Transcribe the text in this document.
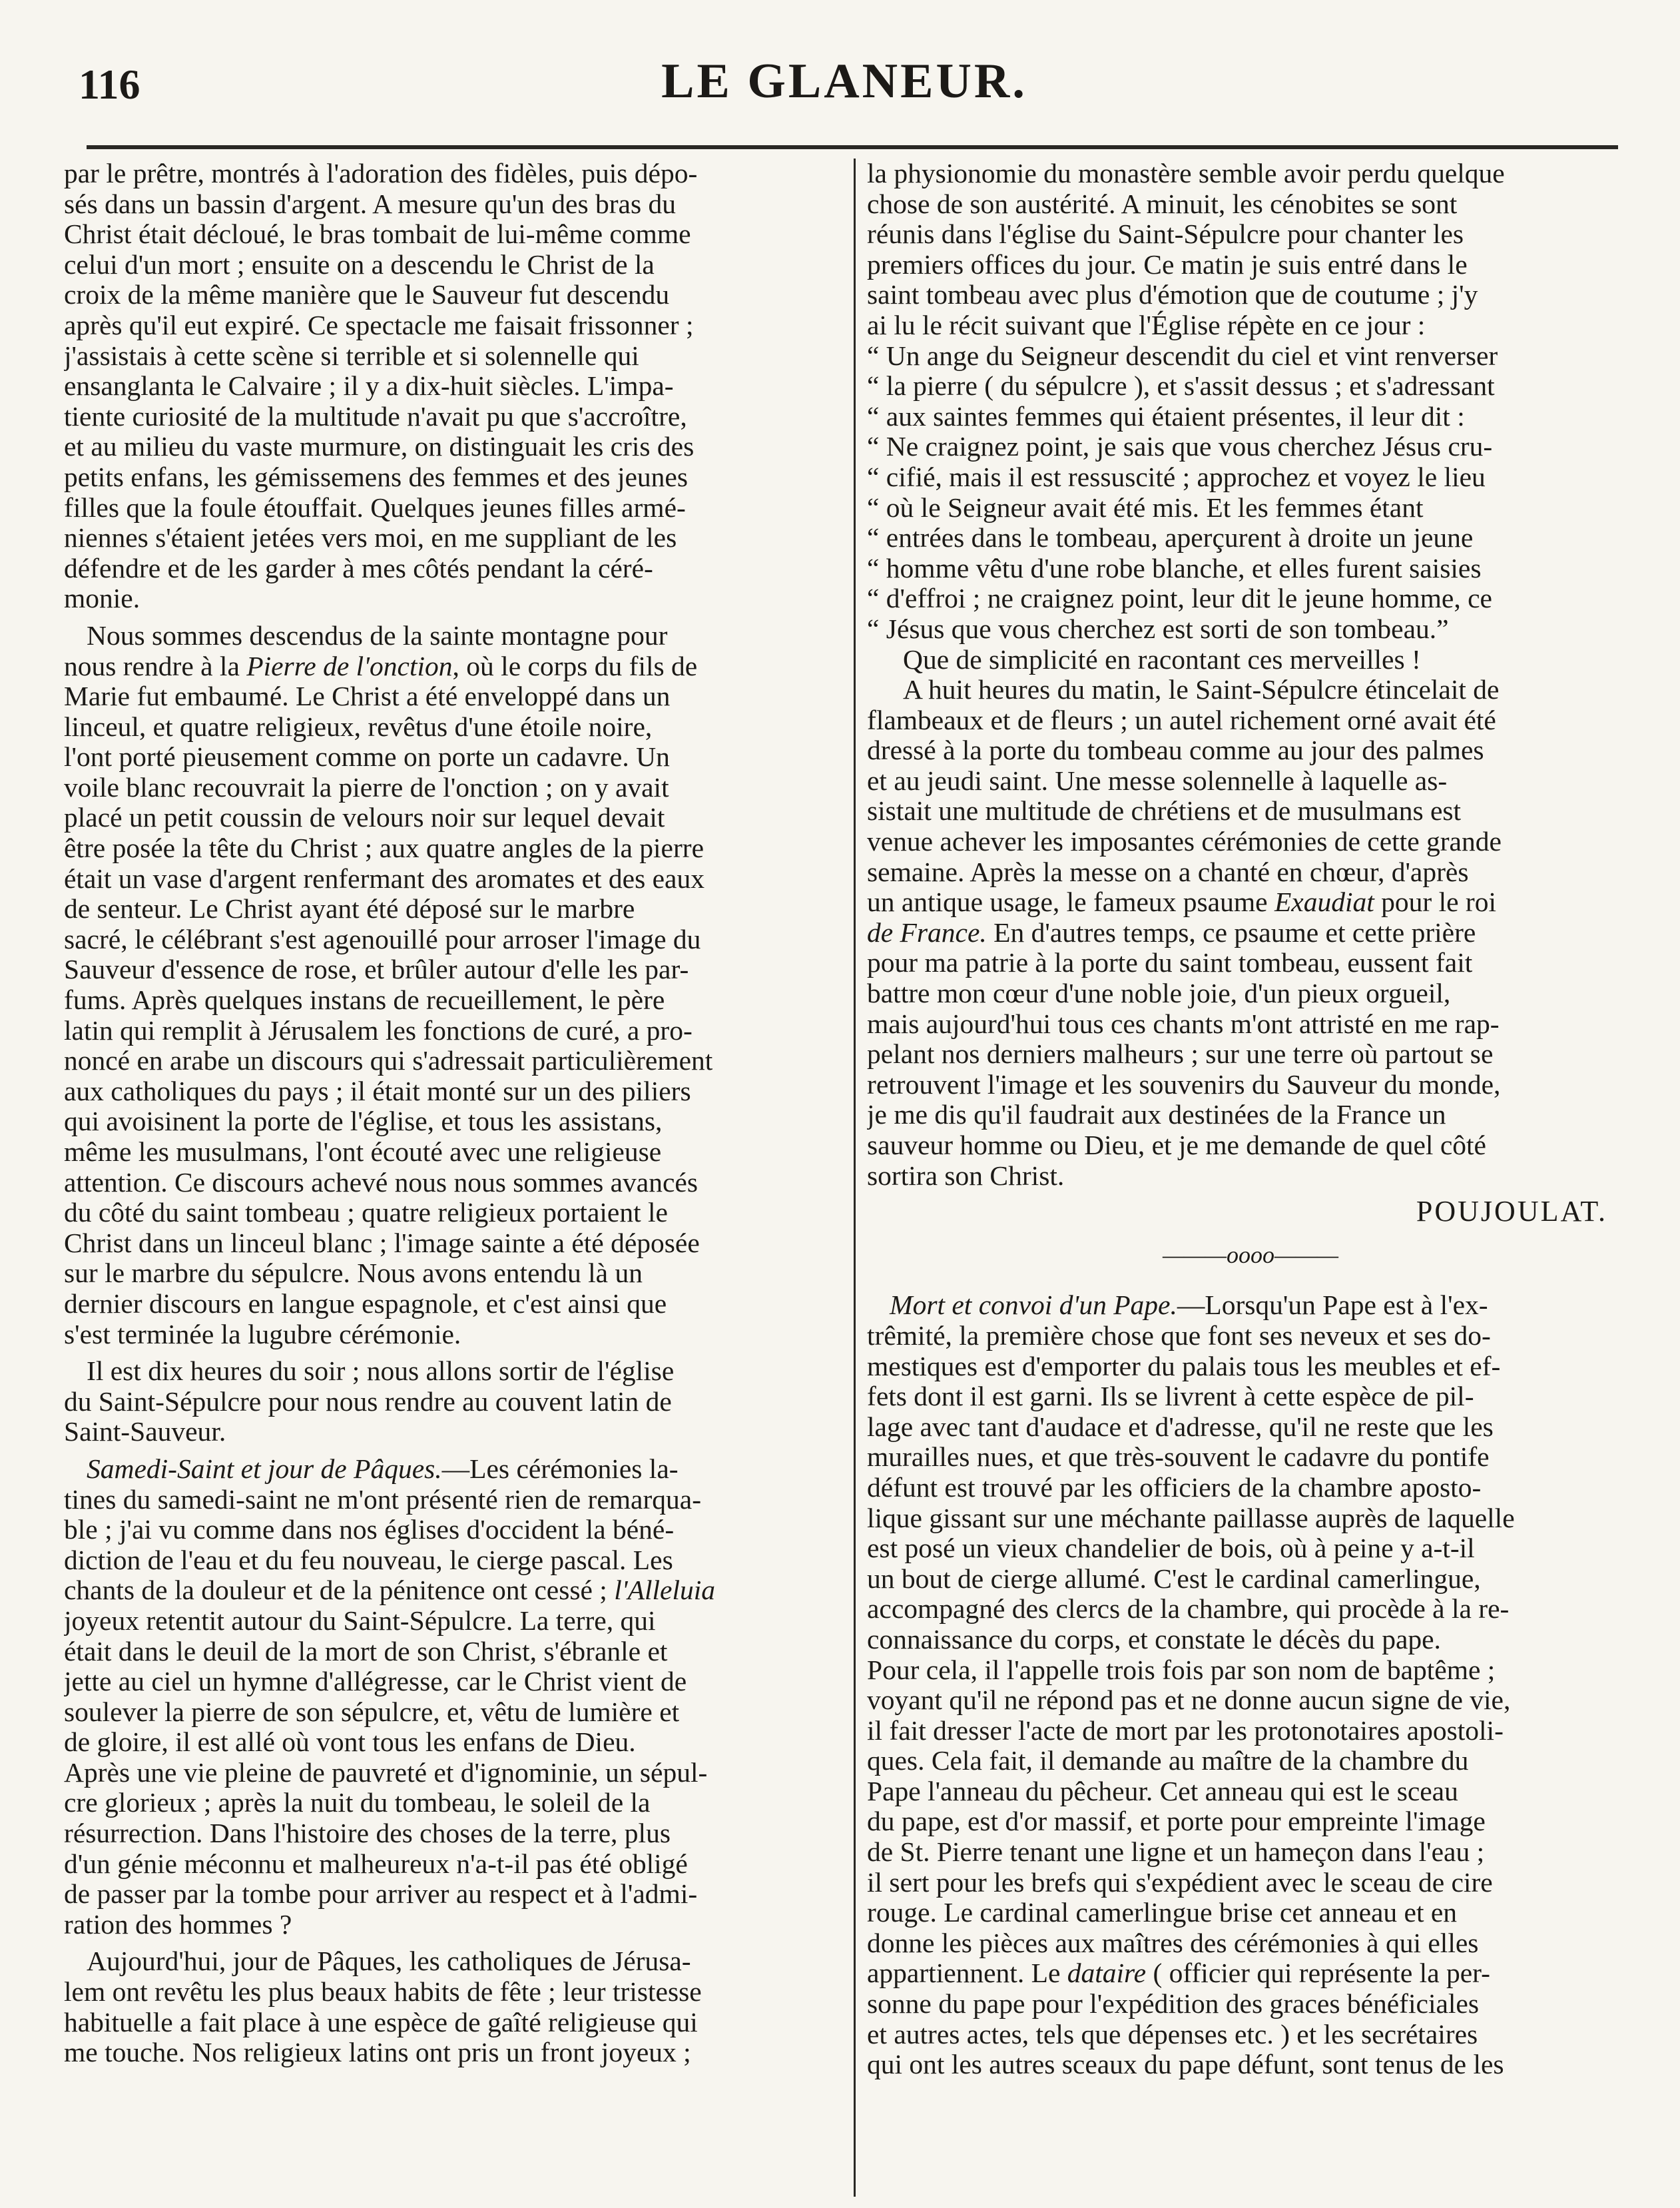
116	LE GLANEUR.
par le prêtre, montrés à l'adoration des fidèles, puis dépo-
sés dans un bassin d'argent. A mesure qu'un des bras du
Christ était décloué, le bras tombait de lui-même comme
celui d'un mort ; ensuite on a descendu le Christ de la
croix de la même manière que le Sauveur fut descendu
après qu'il eut expiré. Ce spectacle me faisait frissonner ;
j'assistais à cette scène si terrible et si solennelle qui
ensanglanta le Calvaire ; il y a dix-huit siècles. L'impa-
tiente curiosité de la multitude n'avait pu que s'accroître,
et au milieu du vaste murmure, on distinguait les cris des
petits enfans, les gémissemens des femmes et des jeunes
filles que la foule étouffait. Quelques jeunes filles armé-
niennes s'étaient jetées vers moi, en me suppliant de les
défendre et de les garder à mes côtés pendant la céré-
monie.
Nous sommes descendus de la sainte montagne pour
nous rendre à la Pierre de l'onction, où le corps du fils de
Marie fut embaumé. Le Christ a été enveloppé dans un
linceul, et quatre religieux, revêtus d'une étoile noire,
l'ont porté pieusement comme on porte un cadavre. Un
voile blanc recouvrait la pierre de l'onction ; on y avait
placé un petit coussin de velours noir sur lequel devait
être posée la tête du Christ ; aux quatre angles de la pierre
était un vase d'argent renfermant des aromates et des eaux
de senteur. Le Christ ayant été déposé sur le marbre
sacré, le célébrant s'est agenouillé pour arroser l'image du
Sauveur d'essence de rose, et brûler autour d'elle les par-
fums. Après quelques instans de recueillement, le père
latin qui remplit à Jérusalem les fonctions de curé, a pro-
noncé en arabe un discours qui s'adressait particulièrement
aux catholiques du pays ; il était monté sur un des piliers
qui avoisinent la porte de l'église, et tous les assistans,
même les musulmans, l'ont écouté avec une religieuse
attention. Ce discours achevé nous nous sommes avancés
du côté du saint tombeau ; quatre religieux portaient le
Christ dans un linceul blanc ; l'image sainte a été déposée
sur le marbre du sépulcre. Nous avons entendu là un
dernier discours en langue espagnole, et c'est ainsi que
s'est terminée la lugubre cérémonie.
Il est dix heures du soir ; nous allons sortir de l'église
du Saint-Sépulcre pour nous rendre au couvent latin de
Saint-Sauveur.
Samedi-Saint et jour de Pâques.—Les cérémonies la-
tines du samedi-saint ne m'ont présenté rien de remarqua-
ble ; j'ai vu comme dans nos églises d'occident la béné-
diction de l'eau et du feu nouveau, le cierge pascal. Les
chants de la douleur et de la pénitence ont cessé ; l'Alleluia
joyeux retentit autour du Saint-Sépulcre. La terre, qui
était dans le deuil de la mort de son Christ, s'ébranle et
jette au ciel un hymne d'allégresse, car le Christ vient de
soulever la pierre de son sépulcre, et, vêtu de lumière et
de gloire, il est allé où vont tous les enfans de Dieu.
Après une vie pleine de pauvreté et d'ignominie, un sépul-
cre glorieux ; après la nuit du tombeau, le soleil de la
résurrection. Dans l'histoire des choses de la terre, plus
d'un génie méconnu et malheureux n'a-t-il pas été obligé
de passer par la tombe pour arriver au respect et à l'admi-
ration des hommes ?
Aujourd'hui, jour de Pâques, les catholiques de Jérusa-
lem ont revêtu les plus beaux habits de fête ; leur tristesse
habituelle a fait place à une espèce de gaîté religieuse qui
me touche. Nos religieux latins ont pris un front joyeux ;
la physionomie du monastère semble avoir perdu quelque
chose de son austérité. A minuit, les cénobites se sont
réunis dans l'église du Saint-Sépulcre pour chanter les
premiers offices du jour. Ce matin je suis entré dans le
saint tombeau avec plus d'émotion que de coutume ; j'y
ai lu le récit suivant que l'Église répète en ce jour :
“ Un ange du Seigneur descendit du ciel et vint renverser
“ la pierre ( du sépulcre ), et s'assit dessus ; et s'adressant
“ aux saintes femmes qui étaient présentes, il leur dit :
“ Ne craignez point, je sais que vous cherchez Jésus cru-
“ cifié, mais il est ressuscité ; approchez et voyez le lieu
“ où le Seigneur avait été mis. Et les femmes étant
“ entrées dans le tombeau, aperçurent à droite un jeune
“ homme vêtu d'une robe blanche, et elles furent saisies
“ d'effroi ; ne craignez point, leur dit le jeune homme, ce
“ Jésus que vous cherchez est sorti de son tombeau.”
Que de simplicité en racontant ces merveilles !
A huit heures du matin, le Saint-Sépulcre étincelait de
flambeaux et de fleurs ; un autel richement orné avait été
dressé à la porte du tombeau comme au jour des palmes
et au jeudi saint. Une messe solennelle à laquelle as-
sistait une multitude de chrétiens et de musulmans est
venue achever les imposantes cérémonies de cette grande
semaine. Après la messe on a chanté en chœur, d'après
un antique usage, le fameux psaume Exaudiat pour le roi
de France. En d'autres temps, ce psaume et cette prière
pour ma patrie à la porte du saint tombeau, eussent fait
battre mon cœur d'une noble joie, d'un pieux orgueil,
mais aujourd'hui tous ces chants m'ont attristé en me rap-
pelant nos derniers malheurs ; sur une terre où partout se
retrouvent l'image et les souvenirs du Sauveur du monde,
je me dis qu'il faudrait aux destinées de la France un
sauveur homme ou Dieu, et je me demande de quel côté
sortira son Christ.
POUJOULAT.
———oooo———
Mort et convoi d'un Pape.—Lorsqu'un Pape est à l'ex-
trêmité, la première chose que font ses neveux et ses do-
mestiques est d'emporter du palais tous les meubles et ef-
fets dont il est garni. Ils se livrent à cette espèce de pil-
lage avec tant d'audace et d'adresse, qu'il ne reste que les
murailles nues, et que très-souvent le cadavre du pontife
défunt est trouvé par les officiers de la chambre aposto-
lique gissant sur une méchante paillasse auprès de laquelle
est posé un vieux chandelier de bois, où à peine y a-t-il
un bout de cierge allumé. C'est le cardinal camerlingue,
accompagné des clercs de la chambre, qui procède à la re-
connaissance du corps, et constate le décès du pape.
Pour cela, il l'appelle trois fois par son nom de baptême ;
voyant qu'il ne répond pas et ne donne aucun signe de vie,
il fait dresser l'acte de mort par les protonotaires apostoli-
ques. Cela fait, il demande au maître de la chambre du
Pape l'anneau du pêcheur. Cet anneau qui est le sceau
du pape, est d'or massif, et porte pour empreinte l'image
de St. Pierre tenant une ligne et un hameçon dans l'eau ;
il sert pour les brefs qui s'expédient avec le sceau de cire
rouge. Le cardinal camerlingue brise cet anneau et en
donne les pièces aux maîtres des cérémonies à qui elles
appartiennent. Le dataire ( officier qui représente la per-
sonne du pape pour l'expédition des graces bénéficiales
et autres actes, tels que dépenses etc. ) et les secrétaires
qui ont les autres sceaux du pape défunt, sont tenus de les
